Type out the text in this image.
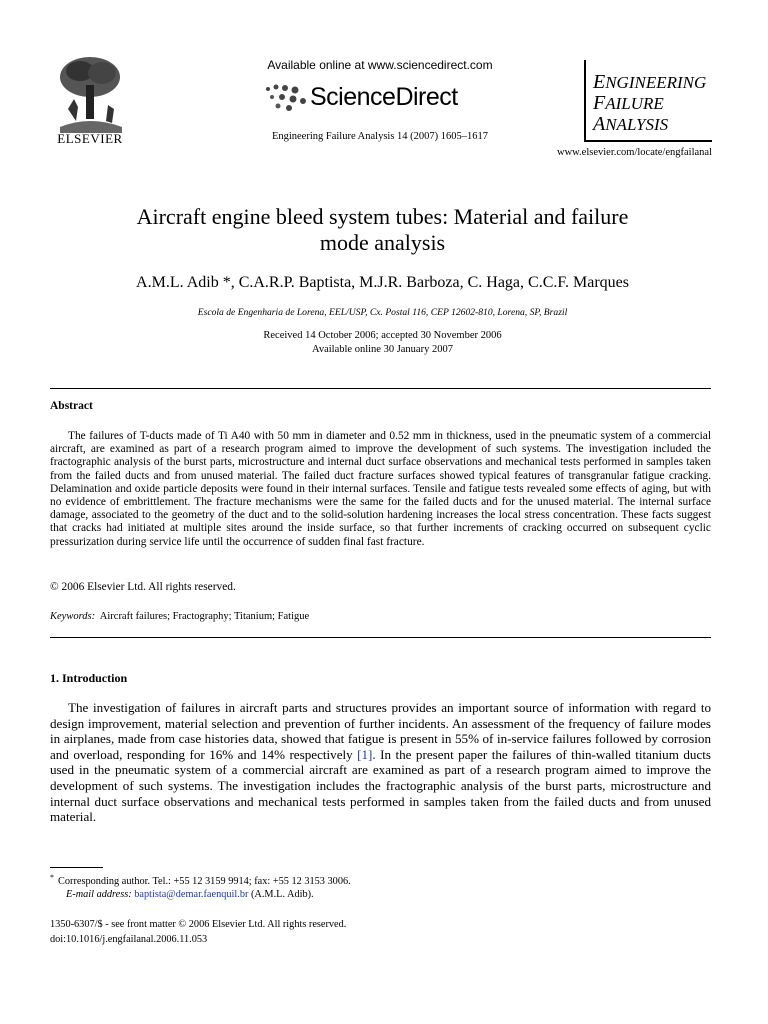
ELSEVIER
Available online at www.sciencedirect.com
ScienceDirect
Engineering Failure Analysis 14 (2007) 1605–1617
ENGINEERING
FAILURE
ANALYSIS
www.elsevier.com/locate/engfailanal
Aircraft engine bleed system tubes: Material and failure
mode analysis
A.M.L. Adib *, C.A.R.P. Baptista, M.J.R. Barboza, C. Haga, C.C.F. Marques
Escola de Engenharia de Lorena, EEL/USP, Cx. Postal 116, CEP 12602-810, Lorena, SP, Brazil
Received 14 October 2006; accepted 30 November 2006
Available online 30 January 2007
Abstract

The failures of T-ducts made of Ti A40 with 50 mm in diameter and 0.52 mm in thickness, used in the pneumatic system of a commercial aircraft, are examined as part of a research program aimed to improve the development of such systems. The investigation included the fractographic analysis of the burst parts, microstructure and internal duct surface observations and mechanical tests performed in samples taken from the failed ducts and from unused material. The failed duct fracture surfaces showed typical features of transgranular fatigue cracking. Delamination and oxide particle deposits were found in their internal surfaces. Tensile and fatigue tests revealed some effects of aging, but with no evidence of embrittlement. The fracture mechanisms were the same for the failed ducts and for the unused material. The internal surface damage, associated to the geometry of the duct and to the solid-solution hardening increases the local stress concentration. These facts suggest that cracks had initiated at multiple sites around the inside surface, so that further increments of cracking occurred on subsequent cyclic pressurization during service life until the occurrence of sudden final fast fracture.

© 2006 Elsevier Ltd. All rights reserved.
Keywords: Aircraft failures; Fractography; Titanium; Fatigue
1. Introduction

The investigation of failures in aircraft parts and structures provides an important source of information with regard to design improvement, material selection and prevention of further incidents. An assessment of the frequency of failure modes in airplanes, made from case histories data, showed that fatigue is present in 55% of in-service failures followed by corrosion and overload, responding for 16% and 14% respectively [1]. In the present paper the failures of thin-walled titanium ducts used in the pneumatic system of a commercial aircraft are examined as part of a research program aimed to improve the development of such systems. The investigation includes the fractographic analysis of the burst parts, microstructure and internal duct surface observations and mechanical tests performed in samples taken from the failed ducts and from unused material.

* Corresponding author. Tel.: +55 12 3159 9914; fax: +55 12 3153 3006.
E-mail address: baptista@demar.faenquil.br (A.M.L. Adib).
1350-6307/$ - see front matter © 2006 Elsevier Ltd. All rights reserved.
doi:10.1016/j.engfailanal.2006.11.053
